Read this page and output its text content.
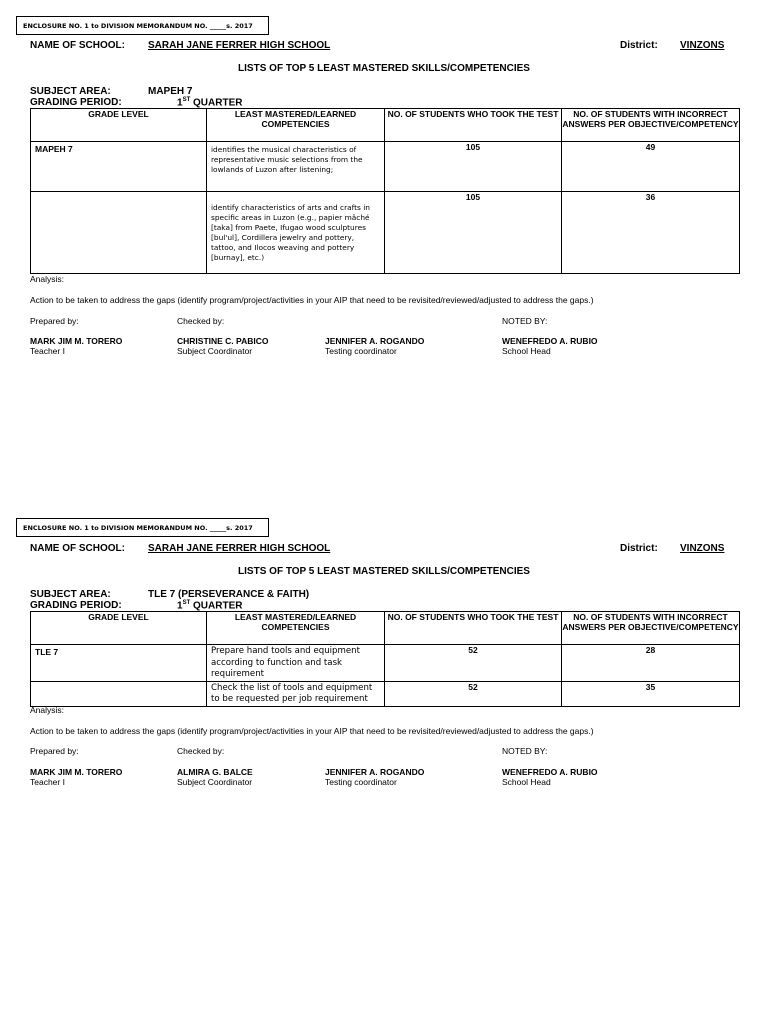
ENCLOSURE NO. 1 to DIVISION MEMORANDUM NO. _____s. 2017
NAME OF SCHOOL: SARAH JANE FERRER HIGH SCHOOL	District: VINZONS
LISTS OF TOP 5 LEAST MASTERED SKILLS/COMPETENCIES
SUBJECT AREA:	MAPEH 7
GRADING PERIOD:	1ST QUARTER
GRADE LEVEL	LEAST MASTERED/LEARNED COMPETENCIES	NO. OF STUDENTS WHO TOOK THE TEST	NO. OF STUDENTS WITH INCORRECT ANSWERS PER OBJECTIVE/COMPETENCY
MAPEH 7	identifies the musical characteristics of representative music selections from the lowlands of Luzon after listening;	105	49
	identify characteristics of arts and crafts in specific areas in Luzon (e.g., papier mâché [taka] from Paete, Ifugao wood sculptures [bul'ul], Cordillera jewelry and pottery, tattoo, and Ilocos weaving and pottery [burnay], etc.)	105	36
Analysis:
Action to be taken to address the gaps (identify program/project/activities in your AIP that need to be revisited/reviewed/adjusted to address the gaps.)
Prepared by:	Checked by:	NOTED BY:
MARK JIM M. TORERO
Teacher I
CHRISTINE C. PABICO
Subject Coordinator
JENNIFER A. ROGANDO
Testing coordinator
WENEFREDO A. RUBIO
School Head
ENCLOSURE NO. 1 to DIVISION MEMORANDUM NO. _____s. 2017
NAME OF SCHOOL: SARAH JANE FERRER HIGH SCHOOL	District: VINZONS
LISTS OF TOP 5 LEAST MASTERED SKILLS/COMPETENCIES
SUBJECT AREA:	TLE 7 (PERSEVERANCE & FAITH)
GRADING PERIOD:	1ST QUARTER
GRADE LEVEL	LEAST MASTERED/LEARNED COMPETENCIES	NO. OF STUDENTS WHO TOOK THE TEST	NO. OF STUDENTS WITH INCORRECT ANSWERS PER OBJECTIVE/COMPETENCY
TLE 7	Prepare hand tools and equipment according to function and task requirement	52	28
	Check the list of tools and equipment to be requested per job requirement	52	35
Analysis:
Action to be taken to address the gaps (identify program/project/activities in your AIP that need to be revisited/reviewed/adjusted to address the gaps.)
Prepared by:	Checked by:	NOTED BY:
MARK JIM M. TORERO
Teacher I
ALMIRA G. BALCE
Subject Coordinator
JENNIFER A. ROGANDO
Testing coordinator
WENEFREDO A. RUBIO
School Head
